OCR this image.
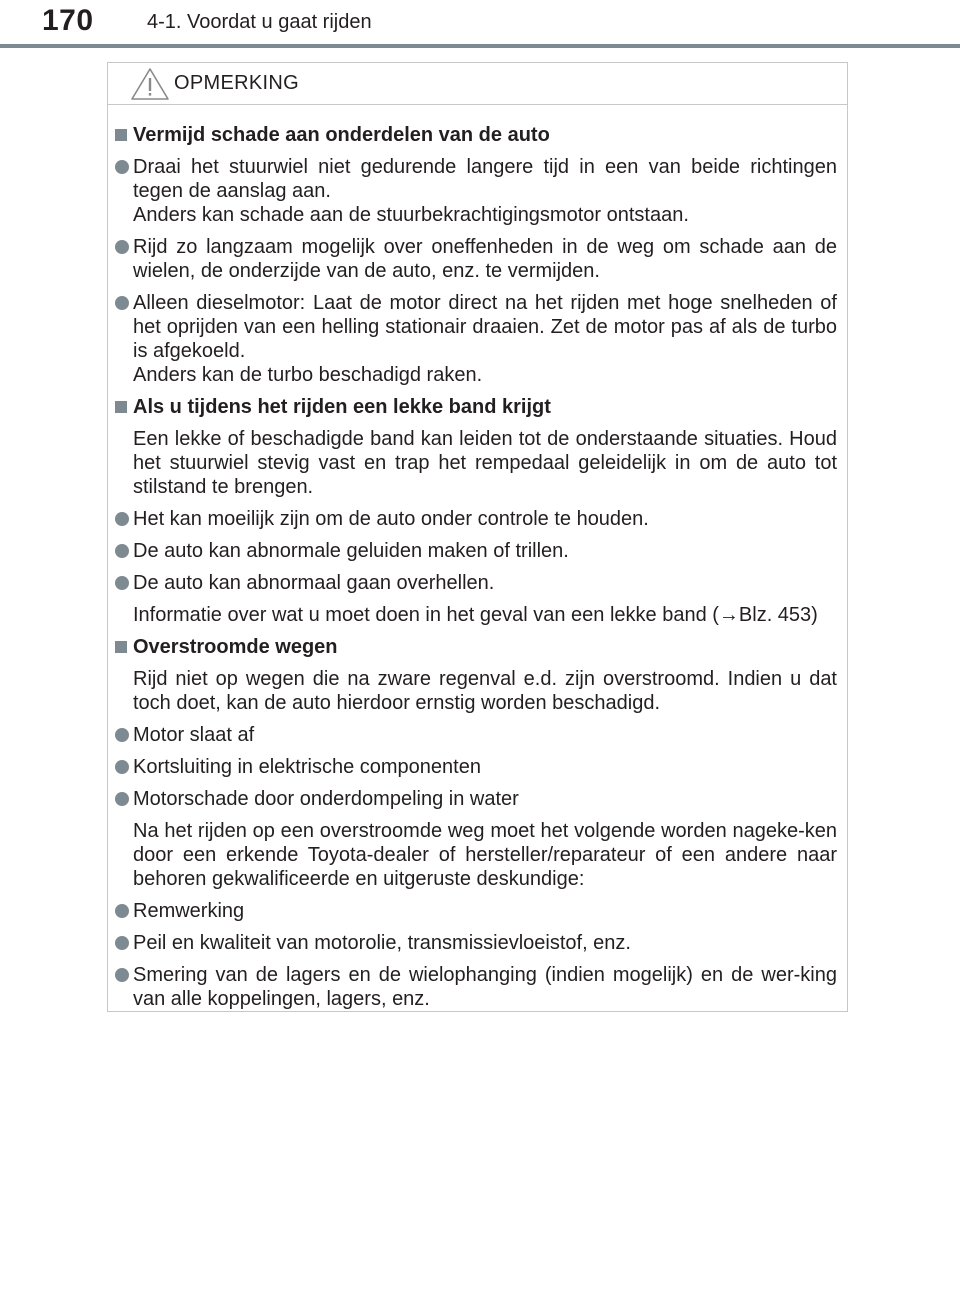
170	4-1. Voordat u gaat rijden
OPMERKING
Vermijd schade aan onderdelen van de auto
Draai het stuurwiel niet gedurende langere tijd in een van beide richtingen tegen de aanslag aan.
Anders kan schade aan de stuurbekrachtigingsmotor ontstaan.
Rijd zo langzaam mogelijk over oneffenheden in de weg om schade aan de wielen, de onderzijde van de auto, enz. te vermijden.
Alleen dieselmotor: Laat de motor direct na het rijden met hoge snelheden of het oprijden van een helling stationair draaien. Zet de motor pas af als de turbo is afgekoeld.
Anders kan de turbo beschadigd raken.
Als u tijdens het rijden een lekke band krijgt
Een lekke of beschadigde band kan leiden tot de onderstaande situaties. Houd het stuurwiel stevig vast en trap het rempedaal geleidelijk in om de auto tot stilstand te brengen.
Het kan moeilijk zijn om de auto onder controle te houden.
De auto kan abnormale geluiden maken of trillen.
De auto kan abnormaal gaan overhellen.
Informatie over wat u moet doen in het geval van een lekke band (→Blz. 453)
Overstroomde wegen
Rijd niet op wegen die na zware regenval e.d. zijn overstroomd. Indien u dat toch doet, kan de auto hierdoor ernstig worden beschadigd.
Motor slaat af
Kortsluiting in elektrische componenten
Motorschade door onderdompeling in water
Na het rijden op een overstroomde weg moet het volgende worden nageke-ken door een erkende Toyota-dealer of hersteller/reparateur of een andere naar behoren gekwalificeerde en uitgeruste deskundige:
Remwerking
Peil en kwaliteit van motorolie, transmissievloeistof, enz.
Smering van de lagers en de wielophanging (indien mogelijk) en de wer-king van alle koppelingen, lagers, enz.
